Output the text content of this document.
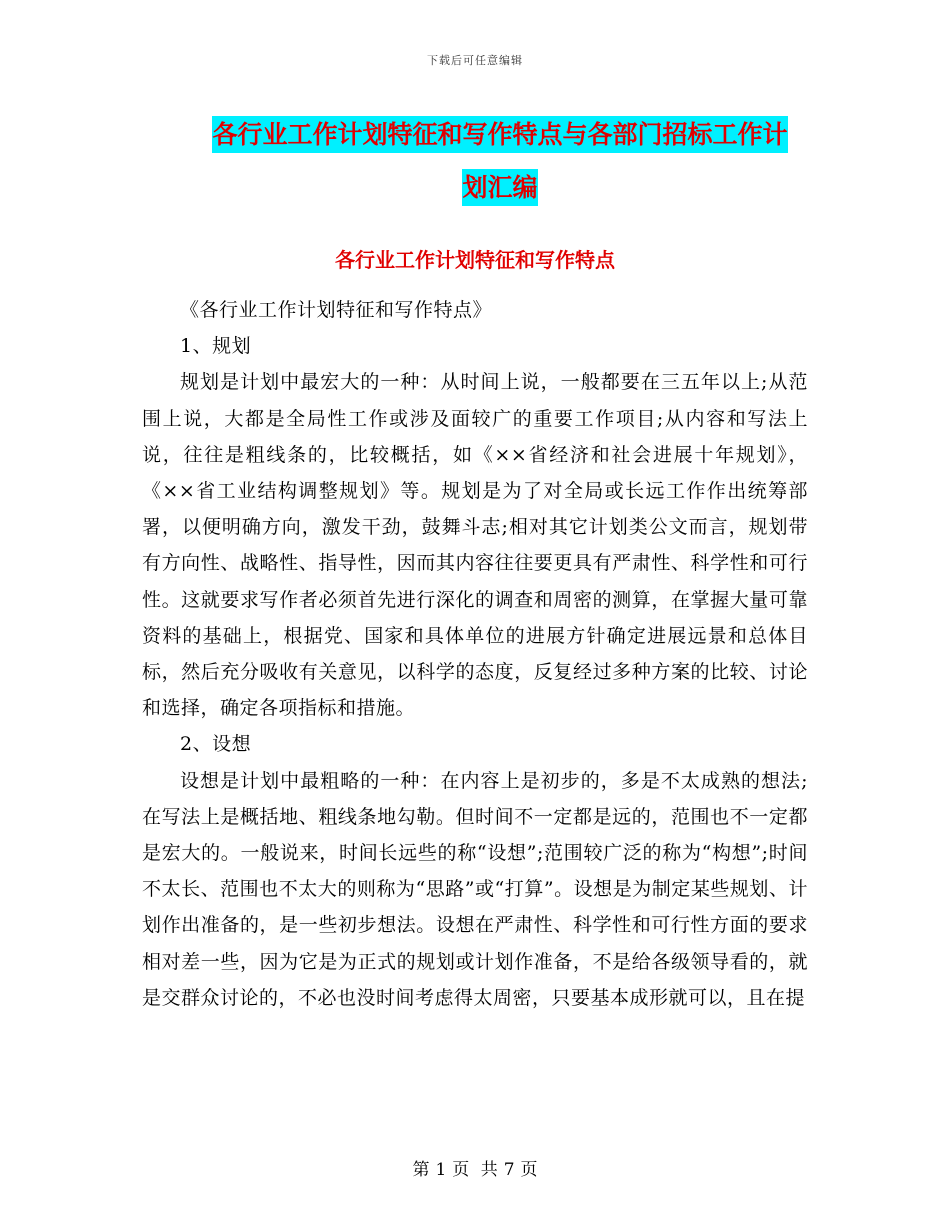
下载后可任意编辑
各行业工作计划特征和写作特点与各部门招标工作计
划汇编
各行业工作计划特征和写作特点

《各行业工作计划特征和写作特点》

1、规划

规划是计划中最宏大的一种：从时间上说，一般都要在三五年以上;从范围上说，大都是全局性工作或涉及面较广的重要工作项目;从内容和写法上说，往往是粗线条的，比较概括，如《××省经济和社会进展十年规划》，《××省工业结构调整规划》等。规划是为了对全局或长远工作作出统筹部署，以便明确方向，激发干劲，鼓舞斗志;相对其它计划类公文而言，规划带有方向性、战略性、指导性，因而其内容往往要更具有严肃性、科学性和可行性。这就要求写作者必须首先进行深化的调查和周密的测算，在掌握大量可靠资料的基础上，根据党、国家和具体单位的进展方针确定进展远景和总体目标，然后充分吸收有关意见，以科学的态度，反复经过多种方案的比较、讨论和选择，确定各项指标和措施。

2、设想

设想是计划中最粗略的一种：在内容上是初步的，多是不太成熟的想法;在写法上是概括地、粗线条地勾勒。但时间不一定都是远的，范围也不一定都是宏大的。一般说来，时间长远些的称“设想”;范围较广泛的称为“构想”;时间不太长、范围也不太大的则称为“思路”或“打算”。设想是为制定某些规划、计划作出准备的，是一些初步想法。设想在严肃性、科学性和可行性方面的要求相对差一些，因为它是为正式的规划或计划作准备，不是给各级领导看的，就是交群众讨论的，不必也没时间考虑得太周密，只要基本成形就可以，且在提

第 1 页 共 7 页
